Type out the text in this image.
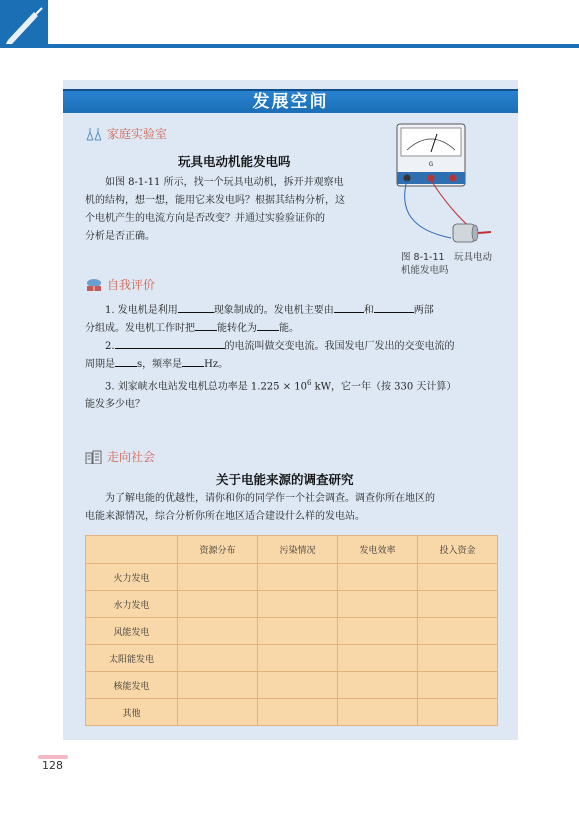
发展空间
家庭实验室
玩具电动机能发电吗
如图 8-1-11 所示，找一个玩具电动机，拆开并观察电
机的结构，想一想，能用它来发电吗？根据其结构分析，这
个电机产生的电流方向是否改变？并通过实验验证你的
分析是否正确。
G
图 8-1-11　玩具电动
机能发电吗
自我评价
1. 发电机是利用	现象制成的。发电机主要由	和	两部
分组成。发电机工作时把 能转化为 能。
2.	的电流叫做交变电流。我国发电厂发出的交变电流的
周期是 s，频率是 Hz。
3. 刘家峡水电站发电机总功率是 $1.225 \times 10^6$ kW，它一年（按 330 天计算）
能发多少电？
走向社会
关于电能来源的调查研究
为了解电能的优越性，请你和你的同学作一个社会调查。调查你所在地区的
电能来源情况，综合分析你所在地区适合建设什么样的发电站。
	资源分布	污染情况	发电效率	投入资金
火力发电				
水力发电				
风能发电				
太阳能发电				
核能发电				
其他				
128
